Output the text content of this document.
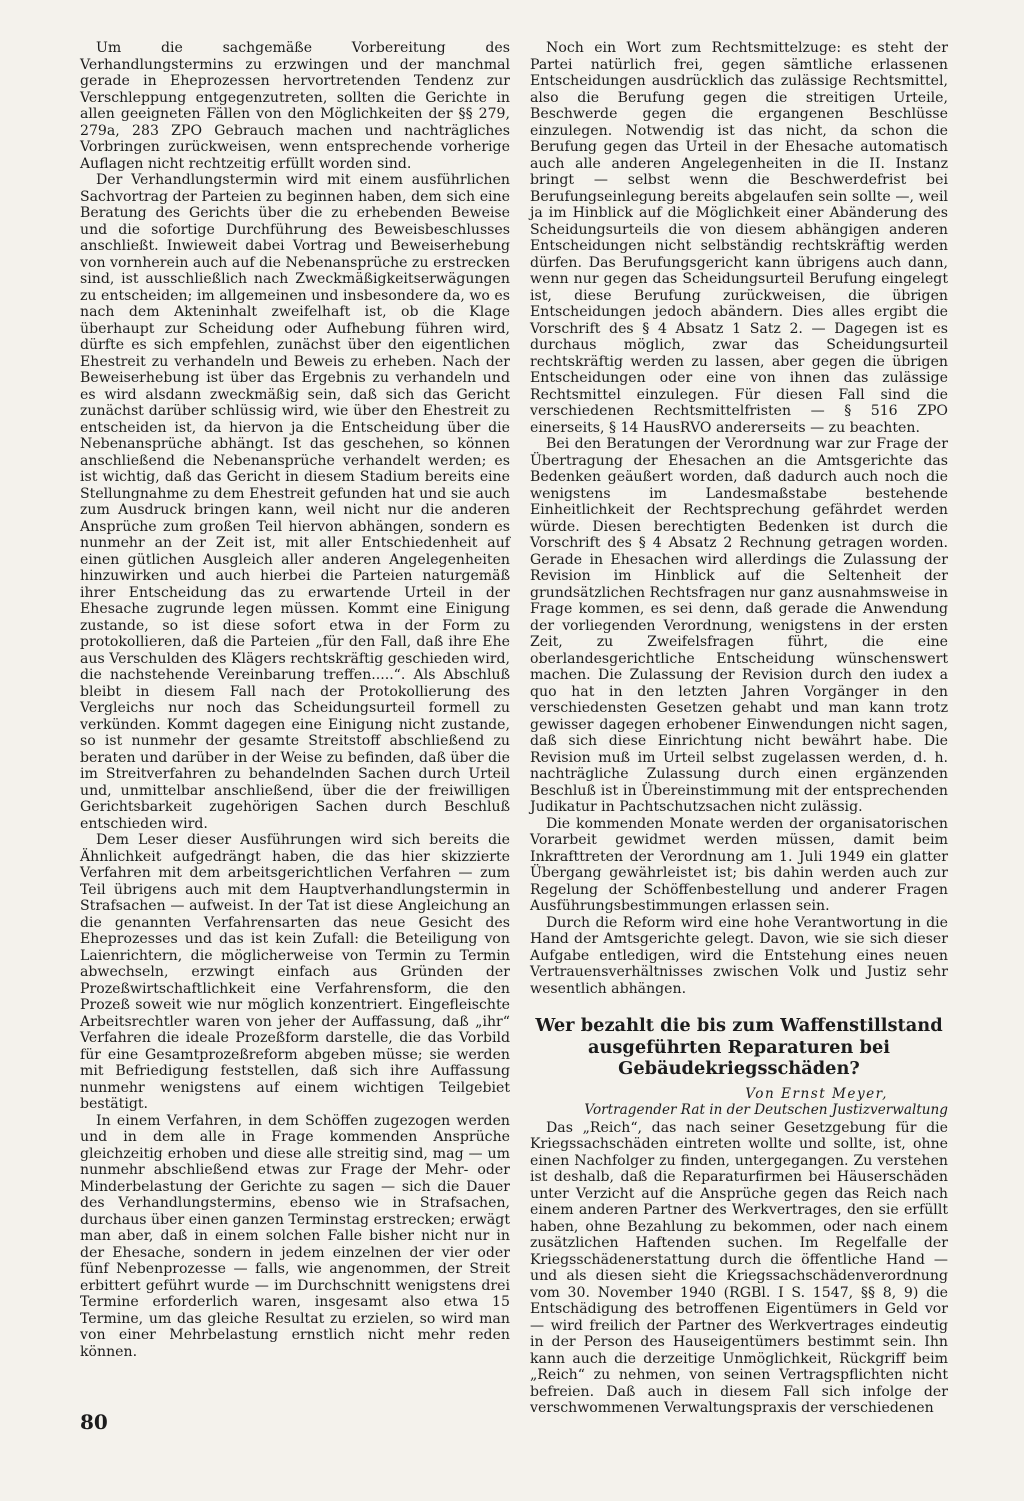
Um die sachgemäße Vorbereitung des Verhandlungstermins zu erzwingen und der manchmal gerade in Eheprozessen hervortretenden Tendenz zur Verschleppung entgegenzutreten, sollten die Gerichte in allen geeigneten Fällen von den Möglichkeiten der §§ 279, 279a, 283 ZPO Gebrauch machen und nachträgliches Vorbringen zurückweisen, wenn entsprechende vorherige Auflagen nicht rechtzeitig erfüllt worden sind.

Der Verhandlungstermin wird mit einem ausführlichen Sachvortrag der Parteien zu beginnen haben, dem sich eine Beratung des Gerichts über die zu erhebenden Beweise und die sofortige Durchführung des Beweisbeschlusses anschließt. Inwieweit dabei Vortrag und Beweiserhebung von vornherein auch auf die Nebenansprüche zu erstrecken sind, ist ausschließlich nach Zweckmäßigkeitserwägungen zu entscheiden; im allgemeinen und insbesondere da, wo es nach dem Akteninhalt zweifelhaft ist, ob die Klage überhaupt zur Scheidung oder Aufhebung führen wird, dürfte es sich empfehlen, zunächst über den eigentlichen Ehestreit zu verhandeln und Beweis zu erheben. Nach der Beweiserhebung ist über das Ergebnis zu verhandeln und es wird alsdann zweckmäßig sein, daß sich das Gericht zunächst darüber schlüssig wird, wie über den Ehestreit zu entscheiden ist, da hiervon ja die Entscheidung über die Nebenansprüche abhängt. Ist das geschehen, so können anschließend die Nebenansprüche verhandelt werden; es ist wichtig, daß das Gericht in diesem Stadium bereits eine Stellungnahme zu dem Ehestreit gefunden hat und sie auch zum Ausdruck bringen kann, weil nicht nur die anderen Ansprüche zum großen Teil hiervon abhängen, sondern es nunmehr an der Zeit ist, mit aller Entschiedenheit auf einen gütlichen Ausgleich aller anderen Angelegenheiten hinzuwirken und auch hierbei die Parteien naturgemäß ihrer Entscheidung das zu erwartende Urteil in der Ehesache zugrunde legen müssen. Kommt eine Einigung zustande, so ist diese sofort etwa in der Form zu protokollieren, daß die Parteien „für den Fall, daß ihre Ehe aus Verschulden des Klägers rechtskräftig geschieden wird, die nachstehende Vereinbarung treffen.....“. Als Abschluß bleibt in diesem Fall nach der Protokollierung des Vergleichs nur noch das Scheidungsurteil formell zu verkünden. Kommt dagegen eine Einigung nicht zustande, so ist nunmehr der gesamte Streitstoff abschließend zu beraten und darüber in der Weise zu befinden, daß über die im Streitverfahren zu behandelnden Sachen durch Urteil und, unmittelbar anschließend, über die der freiwilligen Gerichtsbarkeit zugehörigen Sachen durch Beschluß entschieden wird.

Dem Leser dieser Ausführungen wird sich bereits die Ähnlichkeit aufgedrängt haben, die das hier skizzierte Verfahren mit dem arbeitsgerichtlichen Verfahren — zum Teil übrigens auch mit dem Hauptverhandlungstermin in Strafsachen — aufweist. In der Tat ist diese Angleichung an die genannten Verfahrensarten das neue Gesicht des Eheprozesses und das ist kein Zufall: die Beteiligung von Laienrichtern, die möglicherweise von Termin zu Termin abwechseln, erzwingt einfach aus Gründen der Prozeßwirtschaftlichkeit eine Verfahrensform, die den Prozeß soweit wie nur möglich konzentriert. Eingefleischte Arbeitsrechtler waren von jeher der Auffassung, daß „ihr“ Verfahren die ideale Prozeßform darstelle, die das Vorbild für eine Gesamtprozeßreform abgeben müsse; sie werden mit Befriedigung feststellen, daß sich ihre Auffassung nunmehr wenigstens auf einem wichtigen Teilgebiet bestätigt.

In einem Verfahren, in dem Schöffen zugezogen werden und in dem alle in Frage kommenden Ansprüche gleichzeitig erhoben und diese alle streitig sind, mag — um nunmehr abschließend etwas zur Frage der Mehr- oder Minderbelastung der Gerichte zu sagen — sich die Dauer des Verhandlungstermins, ebenso wie in Strafsachen, durchaus über einen ganzen Terminstag erstrecken; erwägt man aber, daß in einem solchen Falle bisher nicht nur in der Ehesache, sondern in jedem einzelnen der vier oder fünf Nebenprozesse — falls, wie angenommen, der Streit erbittert geführt wurde — im Durchschnitt wenigstens drei Termine erforderlich waren, insgesamt also etwa 15 Termine, um das gleiche Resultat zu erzielen, so wird man von einer Mehrbelastung ernstlich nicht mehr reden können.

Noch ein Wort zum Rechtsmittelzuge: es steht der Partei natürlich frei, gegen sämtliche erlassenen Entscheidungen ausdrücklich das zulässige Rechtsmittel, also die Berufung gegen die streitigen Urteile, Beschwerde gegen die ergangenen Beschlüsse einzulegen. Notwendig ist das nicht, da schon die Berufung gegen das Urteil in der Ehesache automatisch auch alle anderen Angelegenheiten in die II. Instanz bringt — selbst wenn die Beschwerdefrist bei Berufungseinlegung bereits abgelaufen sein sollte —, weil ja im Hinblick auf die Möglichkeit einer Abänderung des Scheidungsurteils die von diesem abhängigen anderen Entscheidungen nicht selbständig rechtskräftig werden dürfen. Das Berufungsgericht kann übrigens auch dann, wenn nur gegen das Scheidungsurteil Berufung eingelegt ist, diese Berufung zurückweisen, die übrigen Entscheidungen jedoch abändern. Dies alles ergibt die Vorschrift des § 4 Absatz 1 Satz 2. — Dagegen ist es durchaus möglich, zwar das Scheidungsurteil rechtskräftig werden zu lassen, aber gegen die übrigen Entscheidungen oder eine von ihnen das zulässige Rechtsmittel einzulegen. Für diesen Fall sind die verschiedenen Rechtsmittelfristen — § 516 ZPO einerseits, § 14 HausRVO andererseits — zu beachten.

Bei den Beratungen der Verordnung war zur Frage der Übertragung der Ehesachen an die Amtsgerichte das Bedenken geäußert worden, daß dadurch auch noch die wenigstens im Landesmaßstabe bestehende Einheitlichkeit der Rechtsprechung gefährdet werden würde. Diesen berechtigten Bedenken ist durch die Vorschrift des § 4 Absatz 2 Rechnung getragen worden. Gerade in Ehesachen wird allerdings die Zulassung der Revision im Hinblick auf die Seltenheit der grundsätzlichen Rechtsfragen nur ganz ausnahmsweise in Frage kommen, es sei denn, daß gerade die Anwendung der vorliegenden Verordnung, wenigstens in der ersten Zeit, zu Zweifelsfragen führt, die eine oberlandesgerichtliche Entscheidung wünschenswert machen. Die Zulassung der Revision durch den iudex a quo hat in den letzten Jahren Vorgänger in den verschiedensten Gesetzen gehabt und man kann trotz gewisser dagegen erhobener Einwendungen nicht sagen, daß sich diese Einrichtung nicht bewährt habe. Die Revision muß im Urteil selbst zugelassen werden, d. h. nachträgliche Zulassung durch einen ergänzenden Beschluß ist in Übereinstimmung mit der entsprechenden Judikatur in Pachtschutzsachen nicht zulässig.

Die kommenden Monate werden der organisatorischen Vorarbeit gewidmet werden müssen, damit beim Inkrafttreten der Verordnung am 1. Juli 1949 ein glatter Übergang gewährleistet ist; bis dahin werden auch zur Regelung der Schöffenbestellung und anderer Fragen Ausführungsbestimmungen erlassen sein.

Durch die Reform wird eine hohe Verantwortung in die Hand der Amtsgerichte gelegt. Davon, wie sie sich dieser Aufgabe entledigen, wird die Entstehung eines neuen Vertrauensverhältnisses zwischen Volk und Justiz sehr wesentlich abhängen.

Wer bezahlt die bis zum Waffenstillstand ausgeführten Reparaturen bei Gebäudekriegsschäden?
Von Ernst Meyer,
Vortragender Rat in der Deutschen Justizverwaltung

Das „Reich“, das nach seiner Gesetzgebung für die Kriegssachschäden eintreten wollte und sollte, ist, ohne einen Nachfolger zu finden, untergegangen. Zu verstehen ist deshalb, daß die Reparaturfirmen bei Häuserschäden unter Verzicht auf die Ansprüche gegen das Reich nach einem anderen Partner des Werkvertrages, den sie erfüllt haben, ohne Bezahlung zu bekommen, oder nach einem zusätzlichen Haftenden suchen. Im Regelfalle der Kriegsschädenerstattung durch die öffentliche Hand — und als diesen sieht die Kriegssachschädenverordnung vom 30. November 1940 (RGBl. I S. 1547, §§ 8, 9) die Entschädigung des betroffenen Eigentümers in Geld vor — wird freilich der Partner des Werkvertrages eindeutig in der Person des Hauseigentümers bestimmt sein. Ihn kann auch die derzeitige Unmöglichkeit, Rückgriff beim „Reich“ zu nehmen, von seinen Vertragspflichten nicht befreien. Daß auch in diesem Fall sich infolge der verschwommenen Verwaltungspraxis der verschiedenen

80
